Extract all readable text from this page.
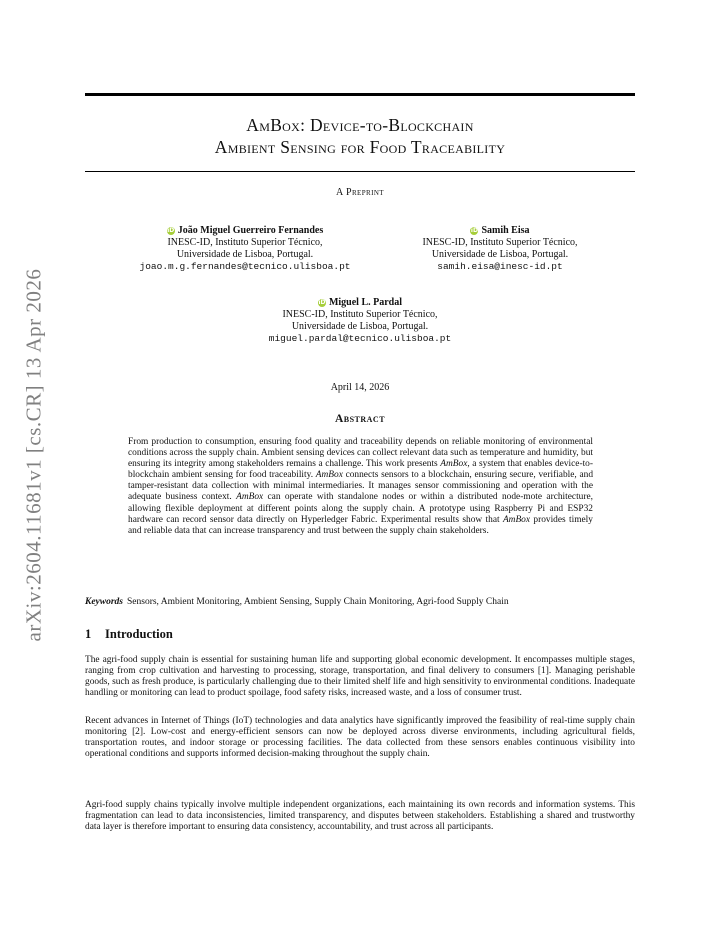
arXiv:2604.11681v1 [cs.CR] 13 Apr 2026
AmBox: Device-to-Blockchain
Ambient Sensing for Food Traceability
A Preprint
iD João Miguel Guerreiro Fernandes
INESC-ID, Instituto Superior Técnico,
Universidade de Lisboa, Portugal.
joao.m.g.fernandes@tecnico.ulisboa.pt
iD Samih Eisa
INESC-ID, Instituto Superior Técnico,
Universidade de Lisboa, Portugal.
samih.eisa@inesc-id.pt
iD Miguel L. Pardal
INESC-ID, Instituto Superior Técnico,
Universidade de Lisboa, Portugal.
miguel.pardal@tecnico.ulisboa.pt
April 14, 2026
Abstract
From production to consumption, ensuring food quality and traceability depends on reliable monitoring of environmental conditions across the supply chain. Ambient sensing devices can collect relevant data such as temperature and humidity, but ensuring its integrity among stakeholders remains a challenge. This work presents AmBox, a system that enables device-to-blockchain ambient sensing for food traceability. AmBox connects sensors to a blockchain, ensuring secure, verifiable, and tamper-resistant data collection with minimal intermediaries. It manages sensor commissioning and operation with the adequate business context. AmBox can operate with standalone nodes or within a distributed node-mote architecture, allowing flexible deployment at different points along the supply chain. A prototype using Raspberry Pi and ESP32 hardware can record sensor data directly on Hyperledger Fabric. Experimental results show that AmBox provides timely and reliable data that can increase transparency and trust between the supply chain stakeholders.
Keywords Sensors, Ambient Monitoring, Ambient Sensing, Supply Chain Monitoring, Agri-food Supply Chain
1 Introduction
The agri-food supply chain is essential for sustaining human life and supporting global economic development. It encompasses multiple stages, ranging from crop cultivation and harvesting to processing, storage, transportation, and final delivery to consumers [1]. Managing perishable goods, such as fresh produce, is particularly challenging due to their limited shelf life and high sensitivity to environmental conditions. Inadequate handling or monitoring can lead to product spoilage, food safety risks, increased waste, and a loss of consumer trust.
Recent advances in Internet of Things (IoT) technologies and data analytics have significantly improved the feasibility of real-time supply chain monitoring [2]. Low-cost and energy-efficient sensors can now be deployed across diverse environments, including agricultural fields, transportation routes, and indoor storage or processing facilities. The data collected from these sensors enables continuous visibility into operational conditions and supports informed decision-making throughout the supply chain.
Agri-food supply chains typically involve multiple independent organizations, each maintaining its own records and information systems. This fragmentation can lead to data inconsistencies, limited transparency, and disputes between stakeholders. Establishing a shared and trustworthy data layer is therefore important to ensuring data consistency, accountability, and trust across all participants.
